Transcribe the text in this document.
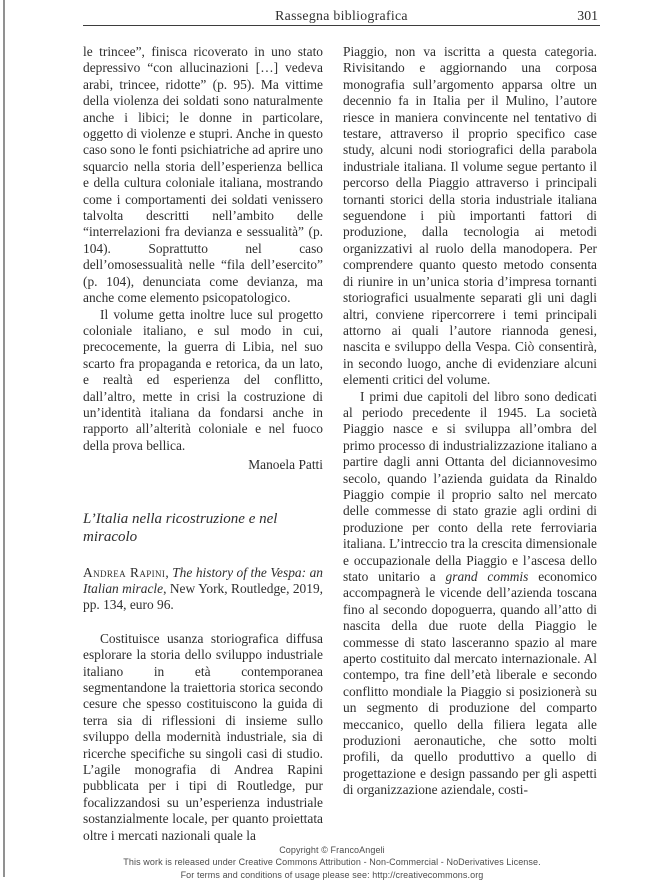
Rassegna bibliografica	301

le trincee”, finisca ricoverato in uno stato depressivo “con allucinazioni […] vedeva arabi, trincee, ridotte” (p. 95). Ma vittime della violenza dei soldati sono naturalmente anche i libici; le donne in particolare, oggetto di violenze e stupri. Anche in questo caso sono le fonti psichiatriche ad aprire uno squarcio nella storia dell’esperienza bellica e della cultura coloniale italiana, mostrando come i comportamenti dei soldati venissero talvolta descritti nell’ambito delle “interrelazioni fra devianza e sessualità” (p. 104). Soprattutto nel caso dell’omosessualità nelle “fila dell’esercito” (p. 104), denunciata come devianza, ma anche come elemento psicopatologico.

Il volume getta inoltre luce sul progetto coloniale italiano, e sul modo in cui, precocemente, la guerra di Libia, nel suo scarto fra propaganda e retorica, da un lato, e realtà ed esperienza del conflitto, dall’altro, mette in crisi la costruzione di un’identità italiana da fondarsi anche in rapporto all’alterità coloniale e nel fuoco della prova bellica.

Manoela Patti

L’Italia nella ricostruzione e nel miracolo

Andrea Rapini, The history of the Vespa: an Italian miracle, New York, Routledge, 2019, pp. 134, euro 96.

Costituisce usanza storiografica diffusa esplorare la storia dello sviluppo industriale italiano in età contemporanea segmentandone la traiettoria storica secondo cesure che spesso costituiscono la guida di terra sia di riflessioni di insieme sullo sviluppo della modernità industriale, sia di ricerche specifiche su singoli casi di studio. L’agile monografia di Andrea Rapini pubblicata per i tipi di Routledge, pur focalizzandosi su un’esperienza industriale sostanzialmente locale, per quanto proiettata oltre i mercati nazionali quale la

Piaggio, non va iscritta a questa categoria. Rivisitando e aggiornando una corposa monografia sull’argomento apparsa oltre un decennio fa in Italia per il Mulino, l’autore riesce in maniera convincente nel tentativo di testare, attraverso il proprio specifico case study, alcuni nodi storiografici della parabola industriale italiana. Il volume segue pertanto il percorso della Piaggio attraverso i principali tornanti storici della storia industriale italiana seguendone i più importanti fattori di produzione, dalla tecnologia ai metodi organizzativi al ruolo della manodopera. Per comprendere quanto questo metodo consenta di riunire in un’unica storia d’impresa tornanti storiografici usualmente separati gli uni dagli altri, conviene ripercorrere i temi principali attorno ai quali l’autore riannoda genesi, nascita e sviluppo della Vespa. Ciò consentirà, in secondo luogo, anche di evidenziare alcuni elementi critici del volume.

I primi due capitoli del libro sono dedicati al periodo precedente il 1945. La società Piaggio nasce e si sviluppa all’ombra del primo processo di industrializzazione italiano a partire dagli anni Ottanta del diciannovesimo secolo, quando l’azienda guidata da Rinaldo Piaggio compie il proprio salto nel mercato delle commesse di stato grazie agli ordini di produzione per conto della rete ferroviaria italiana. L’intreccio tra la crescita dimensionale e occupazionale della Piaggio e l’ascesa dello stato unitario a grand commis economico accompagnerà le vicende dell’azienda toscana fino al secondo dopoguerra, quando all’atto di nascita della due ruote della Piaggio le commesse di stato lasceranno spazio al mare aperto costituito dal mercato internazionale. Al contempo, tra fine dell’età liberale e secondo conflitto mondiale la Piaggio si posizionerà su un segmento di produzione del comparto meccanico, quello della filiera legata alle produzioni aeronautiche, che sotto molti profili, da quello produttivo a quello di progettazione e design passando per gli aspetti di organizzazione aziendale, costi-

Copyright © FrancoAngeli
This work is released under Creative Commons Attribution - Non-Commercial - NoDerivatives License.
For terms and conditions of usage please see: http://creativecommons.org
